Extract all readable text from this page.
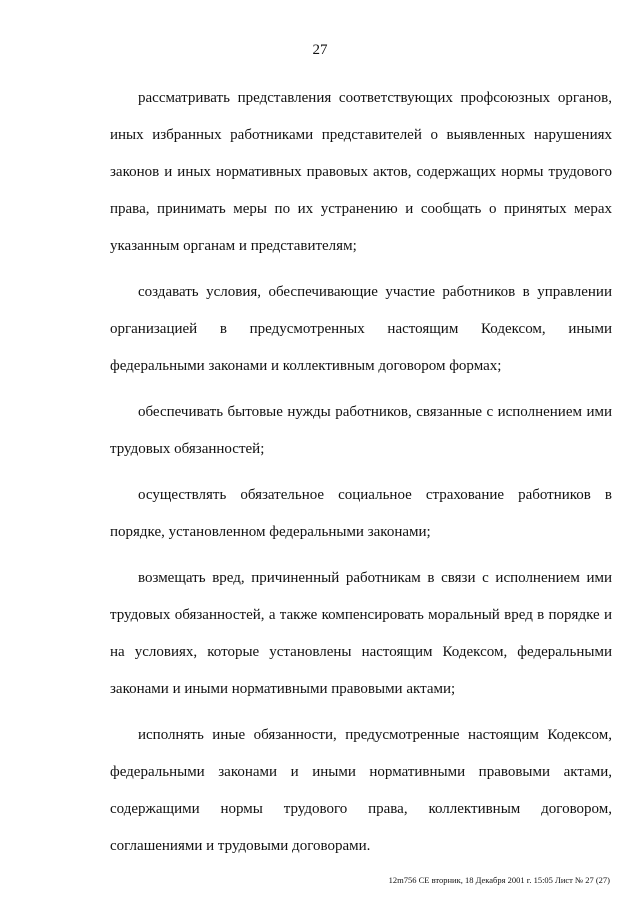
27

рассматривать представления соответствующих профсоюзных органов, иных избранных работниками представителей о выявленных нарушениях законов и иных нормативных правовых актов, содержащих нормы трудового права, принимать меры по их устранению и сообщать о принятых мерах указанным органам и представителям;

создавать условия, обеспечивающие участие работников в управлении организацией в предусмотренных настоящим Кодексом, иными федеральными законами и коллективным договором формах;

обеспечивать бытовые нужды работников, связанные с исполнением ими трудовых обязанностей;

осуществлять обязательное социальное страхование работников в порядке, установленном федеральными законами;

возмещать вред, причиненный работникам в связи с исполнением ими трудовых обязанностей, а также компенсировать моральный вред в порядке и на условиях, которые установлены настоящим Кодексом, федеральными законами и иными нормативными правовыми актами;

исполнять иные обязанности, предусмотренные настоящим Кодексом, федеральными законами и иными нормативными правовыми актами, содержащими нормы трудового права, коллективным договором, соглашениями и трудовыми договорами.

12m756 СЕ вторник, 18 Декабря 2001 г. 15:05 Лист № 27 (27)
